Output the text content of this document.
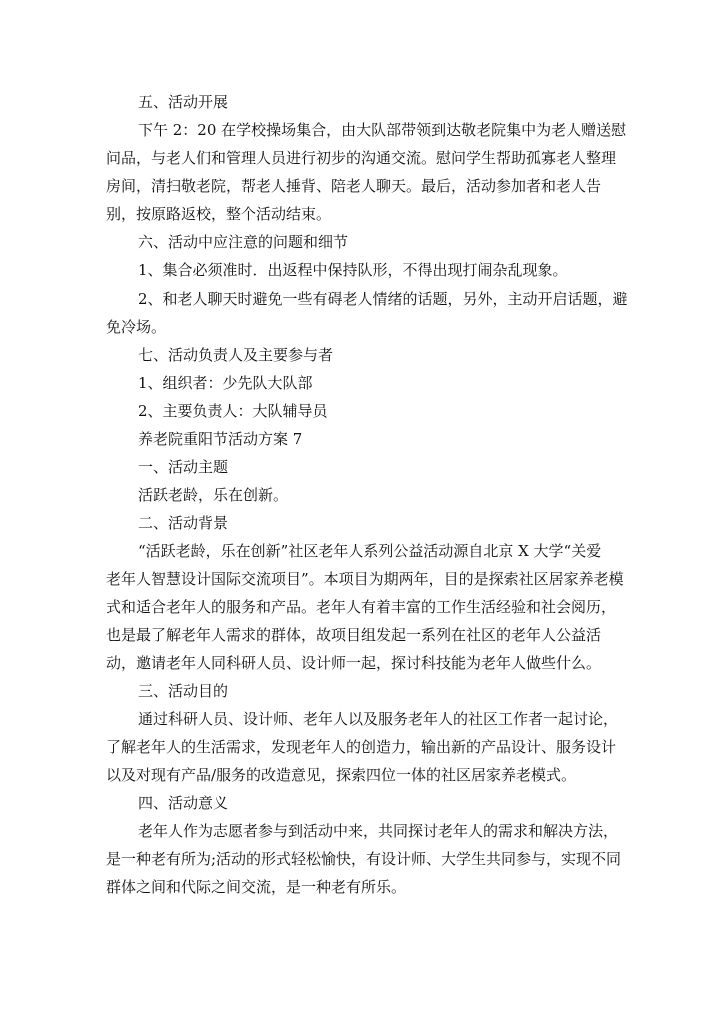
五、活动开展
下午 2：20 在学校操场集合，由大队部带领到达敬老院集中为老人赠送慰
问品，与老人们和管理人员进行初步的沟通交流。慰问学生帮助孤寡老人整理
房间，清扫敬老院，帮老人捶背、陪老人聊天。最后，活动参加者和老人告
别，按原路返校，整个活动结束。
六、活动中应注意的问题和细节
1、集合必须准时．出返程中保持队形，不得出现打闹杂乱现象。
2、和老人聊天时避免一些有碍老人情绪的话题，另外，主动开启话题，避
免冷场。
七、活动负责人及主要参与者
1、组织者：少先队大队部
2、主要负责人：大队辅导员
养老院重阳节活动方案 7
一、活动主题
活跃老龄，乐在创新。
二、活动背景
“活跃老龄，乐在创新”社区老年人系列公益活动源自北京 X 大学“关爱
老年人智慧设计国际交流项目”。本项目为期两年，目的是探索社区居家养老模
式和适合老年人的服务和产品。老年人有着丰富的工作生活经验和社会阅历，
也是最了解老年人需求的群体，故项目组发起一系列在社区的老年人公益活
动，邀请老年人同科研人员、设计师一起，探讨科技能为老年人做些什么。
三、活动目的
通过科研人员、设计师、老年人以及服务老年人的社区工作者一起讨论，
了解老年人的生活需求，发现老年人的创造力，输出新的产品设计、服务设计
以及对现有产品/服务的改造意见，探索四位一体的社区居家养老模式。
四、活动意义
老年人作为志愿者参与到活动中来，共同探讨老年人的需求和解决方法，
是一种老有所为;活动的形式轻松愉快，有设计师、大学生共同参与，实现不同
群体之间和代际之间交流，是一种老有所乐。
